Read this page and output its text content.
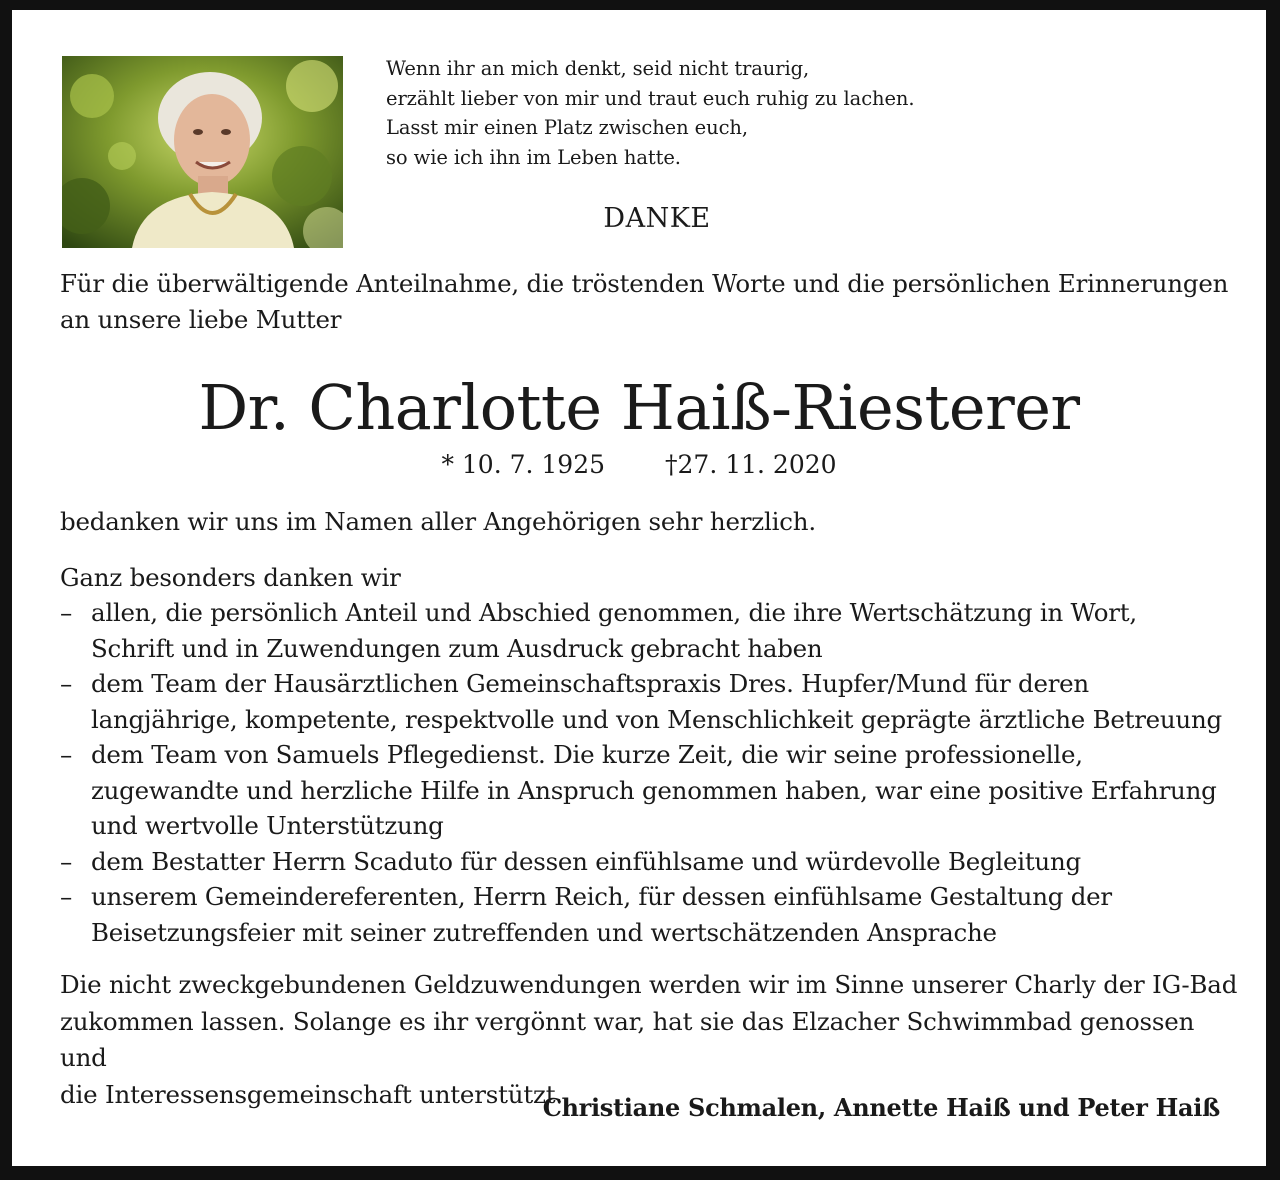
Wenn ihr an mich denkt, seid nicht traurig,
erzählt lieber von mir und traut euch ruhig zu lachen.
Lasst mir einen Platz zwischen euch,
so wie ich ihn im Leben hatte.
DANKE
Für die überwältigende Anteilnahme, die tröstenden Worte und die persönlichen Erinnerungen
an unsere liebe Mutter
Dr. Charlotte Haiß-Riesterer
* 10. 7. 1925 †27. 11. 2020
bedanken wir uns im Namen aller Angehörigen sehr herzlich.
Ganz besonders danken wir
– allen, die persönlich Anteil und Abschied genommen, die ihre Wertschätzung in Wort,
Schrift und in Zuwendungen zum Ausdruck gebracht haben
– dem Team der Hausärztlichen Gemeinschaftspraxis Dres. Hupfer/Mund für deren
langjährige, kompetente, respektvolle und von Menschlichkeit geprägte ärztliche Betreuung
– dem Team von Samuels Pflegedienst. Die kurze Zeit, die wir seine professionelle,
zugewandte und herzliche Hilfe in Anspruch genommen haben, war eine positive Erfahrung
und wertvolle Unterstützung
– dem Bestatter Herrn Scaduto für dessen einfühlsame und würdevolle Begleitung
– unserem Gemeindereferenten, Herrn Reich, für dessen einfühlsame Gestaltung der
Beisetzungsfeier mit seiner zutreffenden und wertschätzenden Ansprache
Die nicht zweckgebundenen Geldzuwendungen werden wir im Sinne unserer Charly der IG-Bad
zukommen lassen. Solange es ihr vergönnt war, hat sie das Elzacher Schwimmbad genossen und
die Interessensgemeinschaft unterstützt.
Christiane Schmalen, Annette Haiß und Peter Haiß
